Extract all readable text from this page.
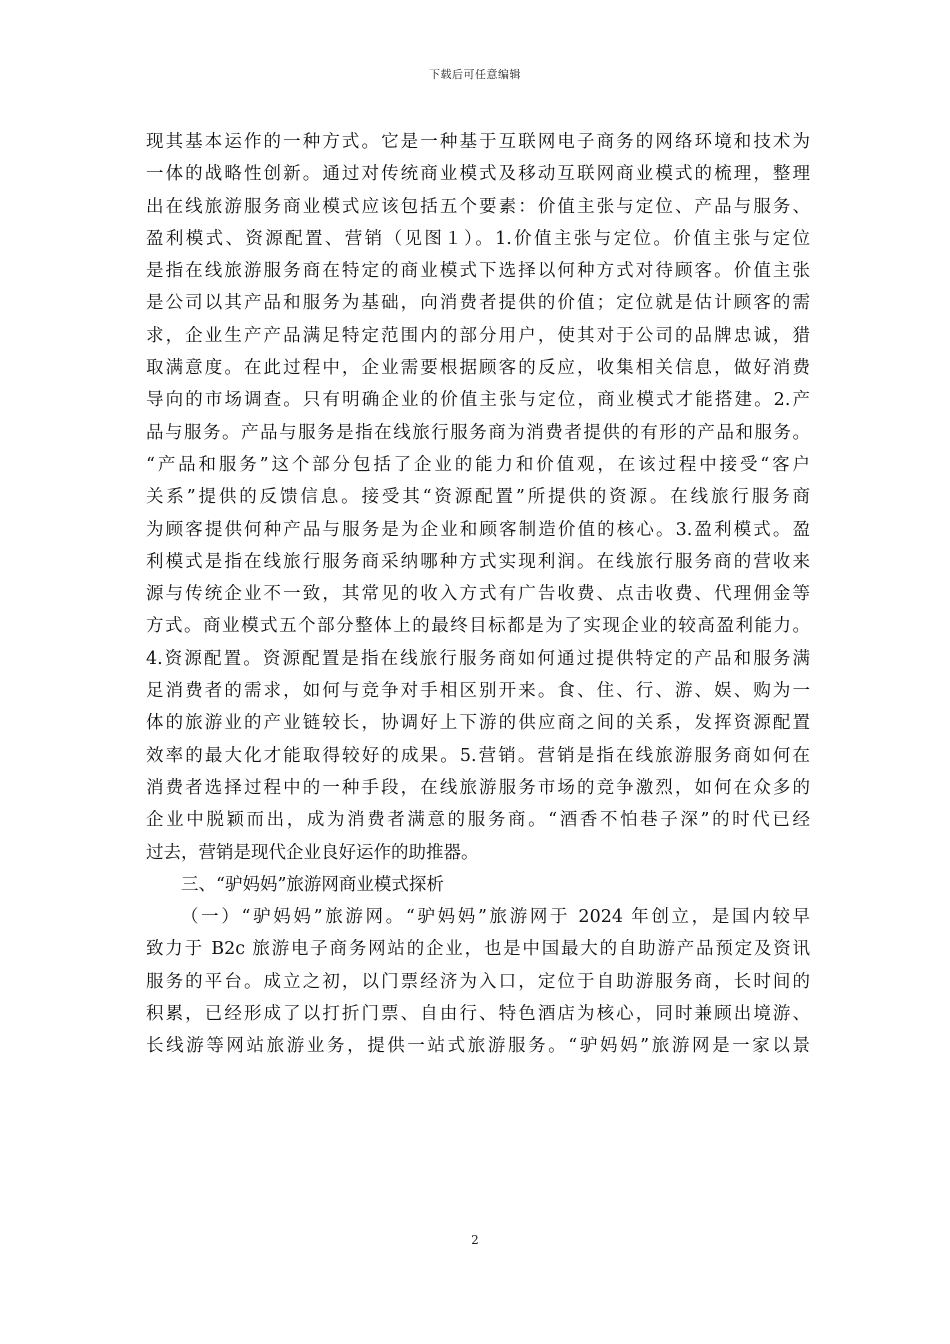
下载后可任意编辑
现其基本运作的一种方式。它是一种基于互联网电子商务的网络环境和技术为
一体的战略性创新。通过对传统商业模式及移动互联网商业模式的梳理，整理
出在线旅游服务商业模式应该包括五个要素：价值主张与定位、产品与服务、
盈利模式、资源配置、营销（见图１）。1.价值主张与定位。价值主张与定位
是指在线旅游服务商在特定的商业模式下选择以何种方式对待顾客。价值主张
是公司以其产品和服务为基础，向消费者提供的价值；定位就是估计顾客的需
求，企业生产产品满足特定范围内的部分用户，使其对于公司的品牌忠诚，猎
取满意度。在此过程中，企业需要根据顾客的反应，收集相关信息，做好消费
导向的市场调查。只有明确企业的价值主张与定位，商业模式才能搭建。2.产
品与服务。产品与服务是指在线旅行服务商为消费者提供的有形的产品和服务。
“产品和服务”这个部分包括了企业的能力和价值观，在该过程中接受“客户
关系”提供的反馈信息。接受其“资源配置”所提供的资源。在线旅行服务商
为顾客提供何种产品与服务是为企业和顾客制造价值的核心。3.盈利模式。盈
利模式是指在线旅行服务商采纳哪种方式实现利润。在线旅行服务商的营收来
源与传统企业不一致，其常见的收入方式有广告收费、点击收费、代理佣金等
方式。商业模式五个部分整体上的最终目标都是为了实现企业的较高盈利能力。
4.资源配置。资源配置是指在线旅行服务商如何通过提供特定的产品和服务满
足消费者的需求，如何与竞争对手相区别开来。食、住、行、游、娱、购为一
体的旅游业的产业链较长，协调好上下游的供应商之间的关系，发挥资源配置
效率的最大化才能取得较好的成果。5.营销。营销是指在线旅游服务商如何在
消费者选择过程中的一种手段，在线旅游服务市场的竞争激烈，如何在众多的
企业中脱颖而出，成为消费者满意的服务商。“酒香不怕巷子深”的时代已经
过去，营销是现代企业良好运作的助推器。
三、“驴妈妈”旅游网商业模式探析
（一）“驴妈妈”旅游网。“驴妈妈”旅游网于 2024 年创立，是国内较早
致力于 B2c 旅游电子商务网站的企业，也是中国最大的自助游产品预定及资讯
服务的平台。成立之初，以门票经济为入口，定位于自助游服务商，长时间的
积累，已经形成了以打折门票、自由行、特色酒店为核心，同时兼顾出境游、
长线游等网站旅游业务，提供一站式旅游服务。“驴妈妈”旅游网是一家以景
2
